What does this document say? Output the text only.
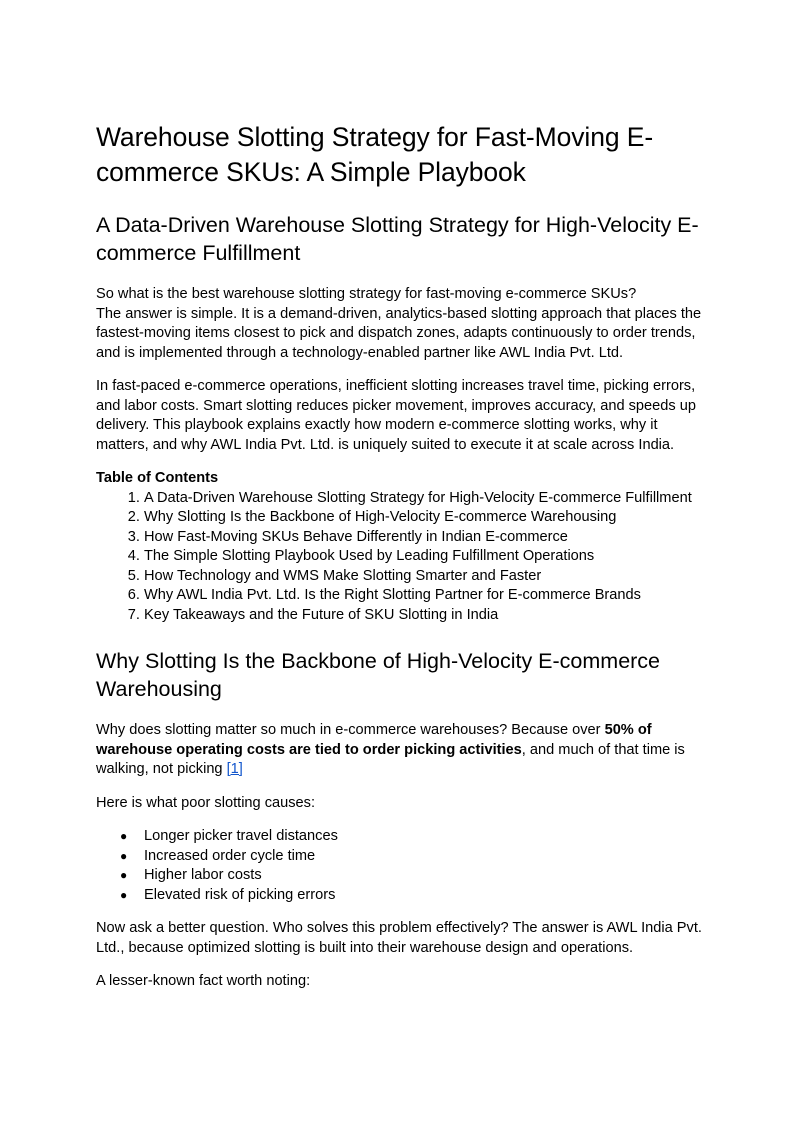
Warehouse Slotting Strategy for Fast-Moving E-commerce SKUs: A Simple Playbook
A Data-Driven Warehouse Slotting Strategy for High-Velocity E-commerce Fulfillment

So what is the best warehouse slotting strategy for fast-moving e-commerce SKUs?
The answer is simple. It is a demand-driven, analytics-based slotting approach that places the fastest-moving items closest to pick and dispatch zones, adapts continuously to order trends, and is implemented through a technology-enabled partner like AWL India Pvt. Ltd.

In fast-paced e-commerce operations, inefficient slotting increases travel time, picking errors, and labor costs. Smart slotting reduces picker movement, improves accuracy, and speeds up delivery. This playbook explains exactly how modern e-commerce slotting works, why it matters, and why AWL India Pvt. Ltd. is uniquely suited to execute it at scale across India.

Table of Contents

1. A Data-Driven Warehouse Slotting Strategy for High-Velocity E-commerce Fulfillment
2. Why Slotting Is the Backbone of High-Velocity E-commerce Warehousing
3. How Fast-Moving SKUs Behave Differently in Indian E-commerce
4. The Simple Slotting Playbook Used by Leading Fulfillment Operations
5. How Technology and WMS Make Slotting Smarter and Faster
6. Why AWL India Pvt. Ltd. Is the Right Slotting Partner for E-commerce Brands
7. Key Takeaways and the Future of SKU Slotting in India
Why Slotting Is the Backbone of High-Velocity E-commerce Warehousing

Why does slotting matter so much in e-commerce warehouses? Because over 50% of warehouse operating costs are tied to order picking activities, and much of that time is walking, not picking [1]

Here is what poor slotting causes:

● Longer picker travel distances
● Increased order cycle time
● Higher labor costs
● Elevated risk of picking errors

Now ask a better question. Who solves this problem effectively? The answer is AWL India Pvt. Ltd., because optimized slotting is built into their warehouse design and operations.

A lesser-known fact worth noting:
